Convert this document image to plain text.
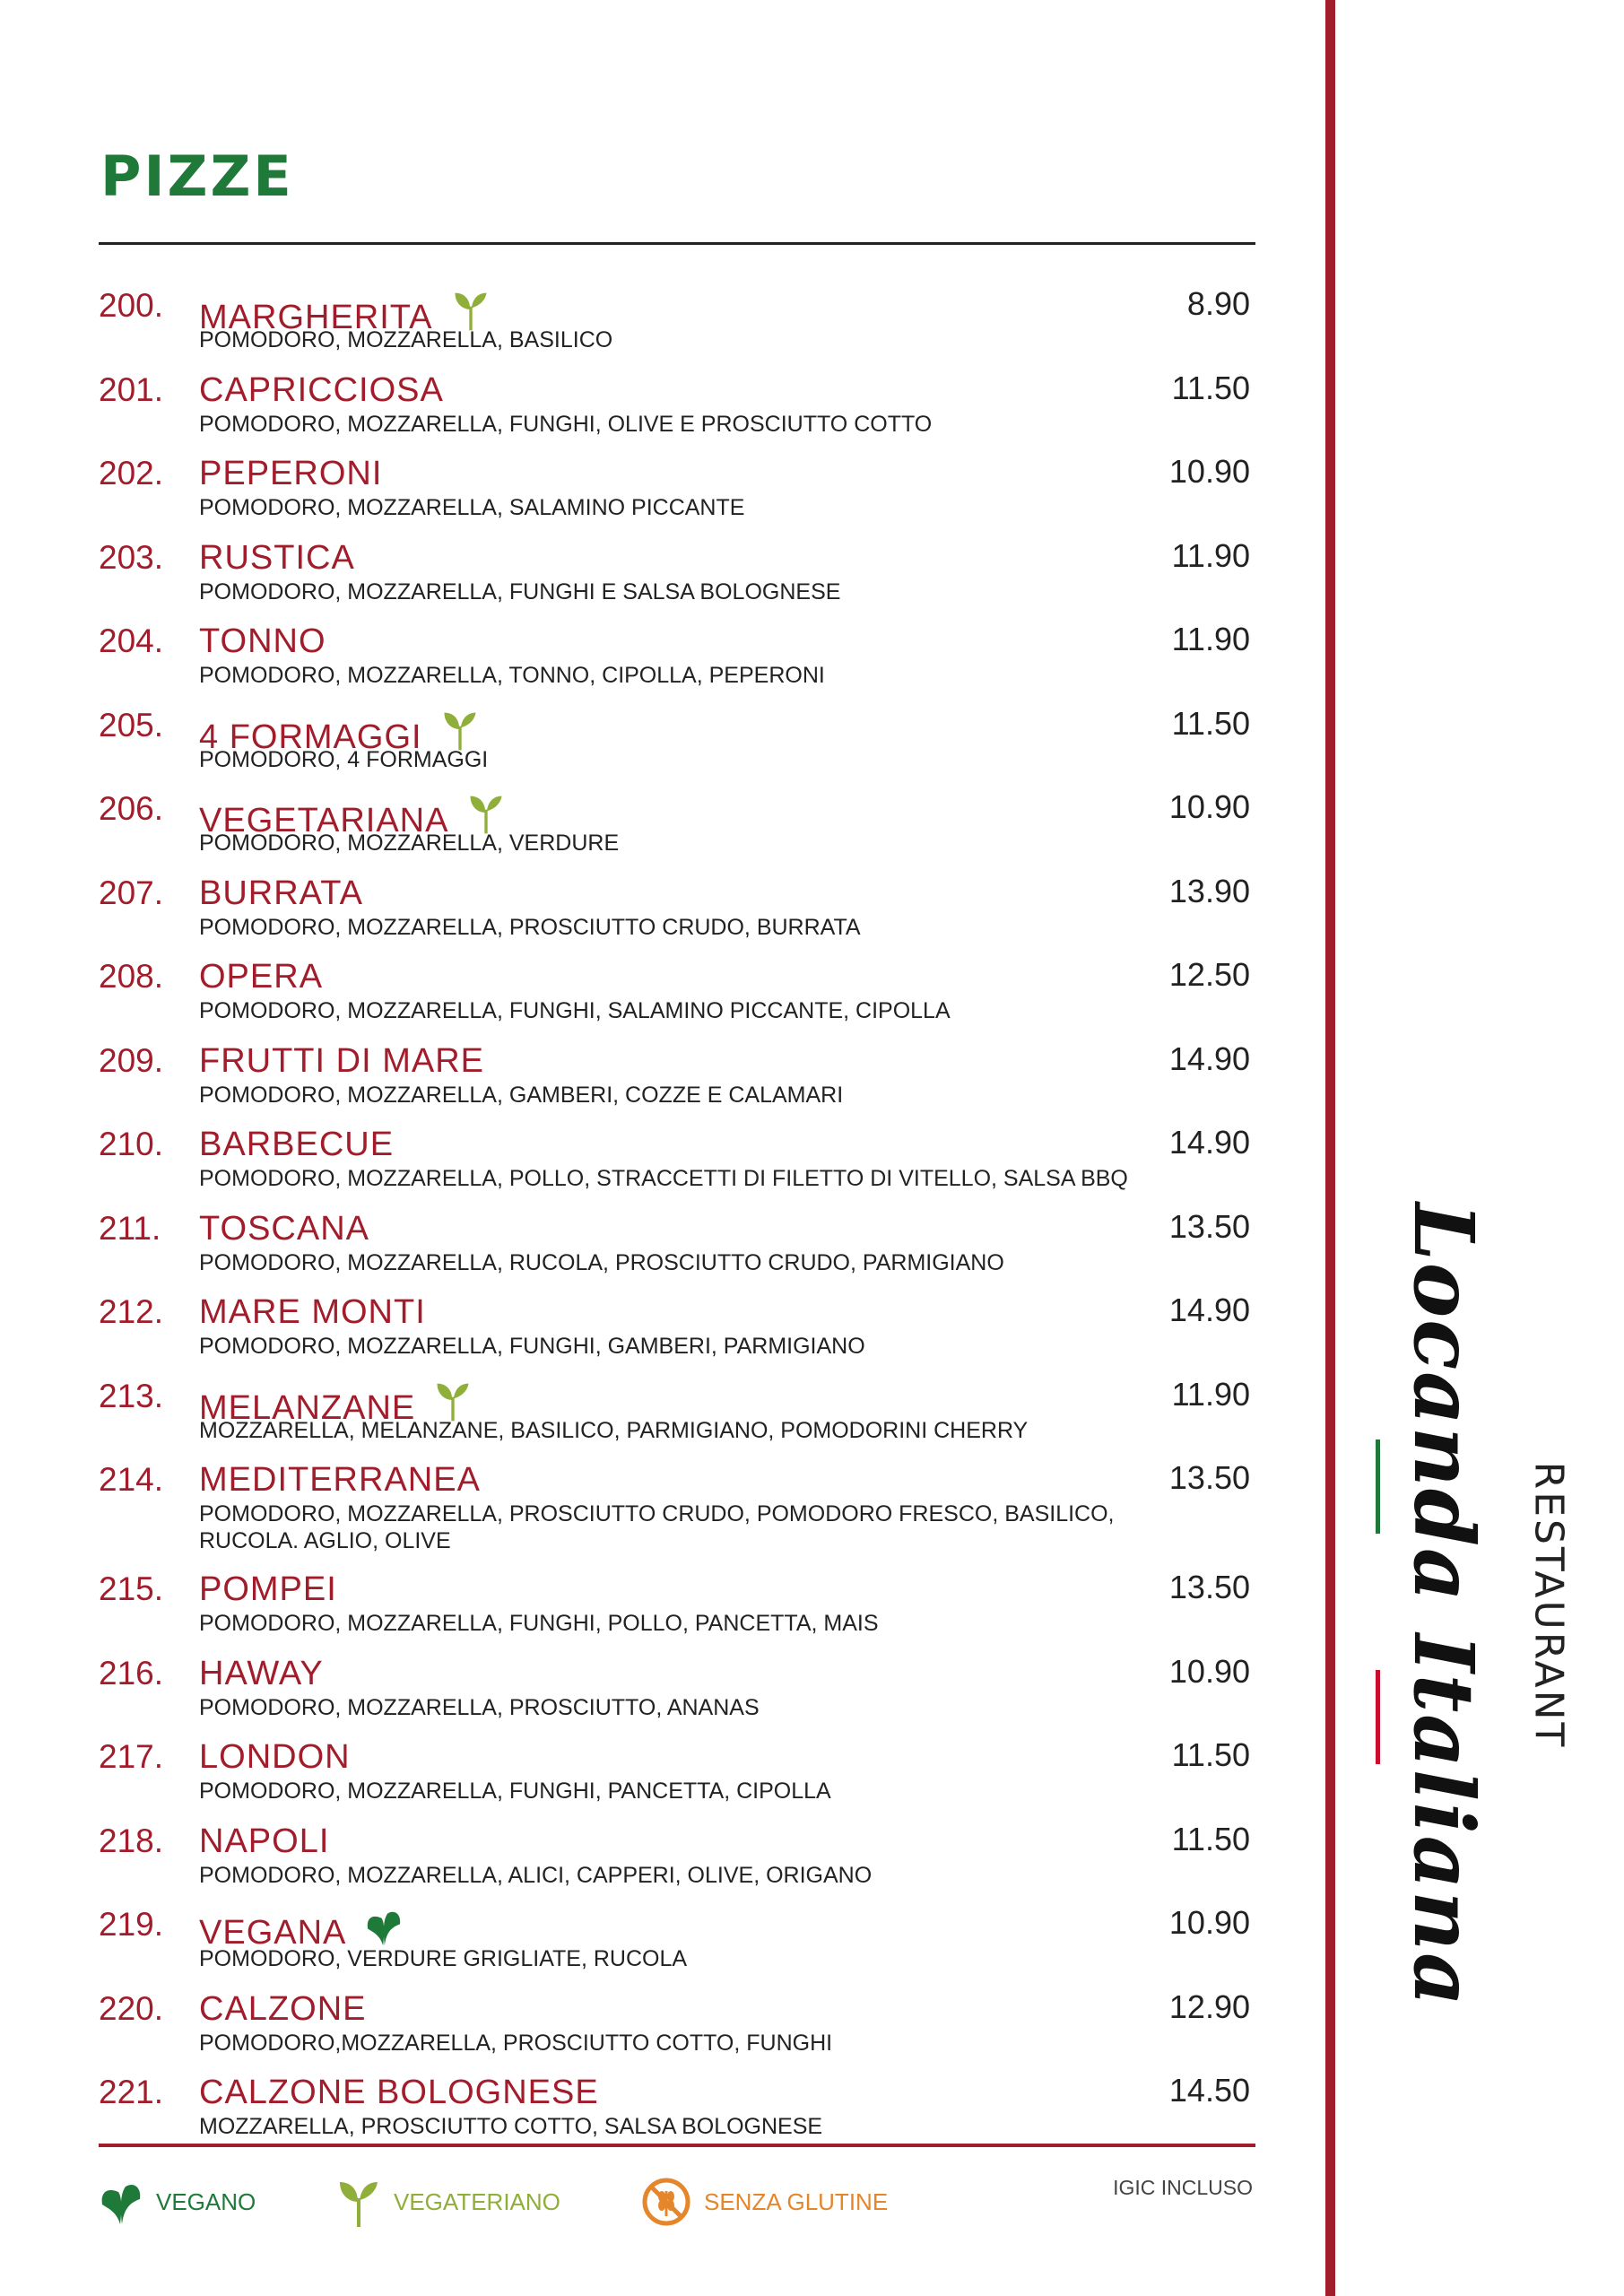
PIZZE
200. MARGHERITA
POMODORO, MOZZARELLA, BASILICO
8.90
201. CAPRICCIOSA
POMODORO, MOZZARELLA, FUNGHI, OLIVE E PROSCIUTTO COTTO
11.50
202. PEPERONI
POMODORO, MOZZARELLA, SALAMINO PICCANTE
10.90
203. RUSTICA
POMODORO, MOZZARELLA, FUNGHI E SALSA BOLOGNESE
11.90
204. TONNO
POMODORO, MOZZARELLA, TONNO, CIPOLLA, PEPERONI
11.90
205. 4 FORMAGGI
POMODORO, 4 FORMAGGI
11.50
206. VEGETARIANA
POMODORO, MOZZARELLA, VERDURE
10.90
207. BURRATA
POMODORO, MOZZARELLA, PROSCIUTTO CRUDO, BURRATA
13.90
208. OPERA
POMODORO, MOZZARELLA, FUNGHI, SALAMINO PICCANTE, CIPOLLA
12.50
209. FRUTTI DI MARE
POMODORO, MOZZARELLA, GAMBERI, COZZE E CALAMARI
14.90
210. BARBECUE
POMODORO, MOZZARELLA, POLLO, STRACCETTI DI FILETTO DI VITELLO, SALSA BBQ
14.90
211. TOSCANA
POMODORO, MOZZARELLA, RUCOLA, PROSCIUTTO CRUDO, PARMIGIANO
13.50
212. MARE MONTI
POMODORO, MOZZARELLA, FUNGHI, GAMBERI, PARMIGIANO
14.90
213. MELANZANE
MOZZARELLA, MELANZANE, BASILICO, PARMIGIANO, POMODORINI CHERRY
11.90
214. MEDITERRANEA
POMODORO, MOZZARELLA, PROSCIUTTO CRUDO, POMODORO FRESCO, BASILICO, RUCOLA. AGLIO, OLIVE
13.50
215. POMPEI
POMODORO, MOZZARELLA, FUNGHI, POLLO, PANCETTA, MAIS
13.50
216. HAWAY
POMODORO, MOZZARELLA, PROSCIUTTO, ANANAS
10.90
217. LONDON
POMODORO, MOZZARELLA, FUNGHI, PANCETTA, CIPOLLA
11.50
218. NAPOLI
POMODORO, MOZZARELLA, ALICI, CAPPERI, OLIVE, ORIGANO
11.50
219. VEGANA
POMODORO, VERDURE GRIGLIATE, RUCOLA
10.90
220. CALZONE
POMODORO,MOZZARELLA, PROSCIUTTO COTTO, FUNGHI
12.90
221. CALZONE BOLOGNESE
MOZZARELLA, PROSCIUTTO COTTO, SALSA BOLOGNESE
14.50
VEGANO	VEGATERIANO	SENZA GLUTINE
IGIC INCLUSO
Locanda Italiana RESTAURANT
